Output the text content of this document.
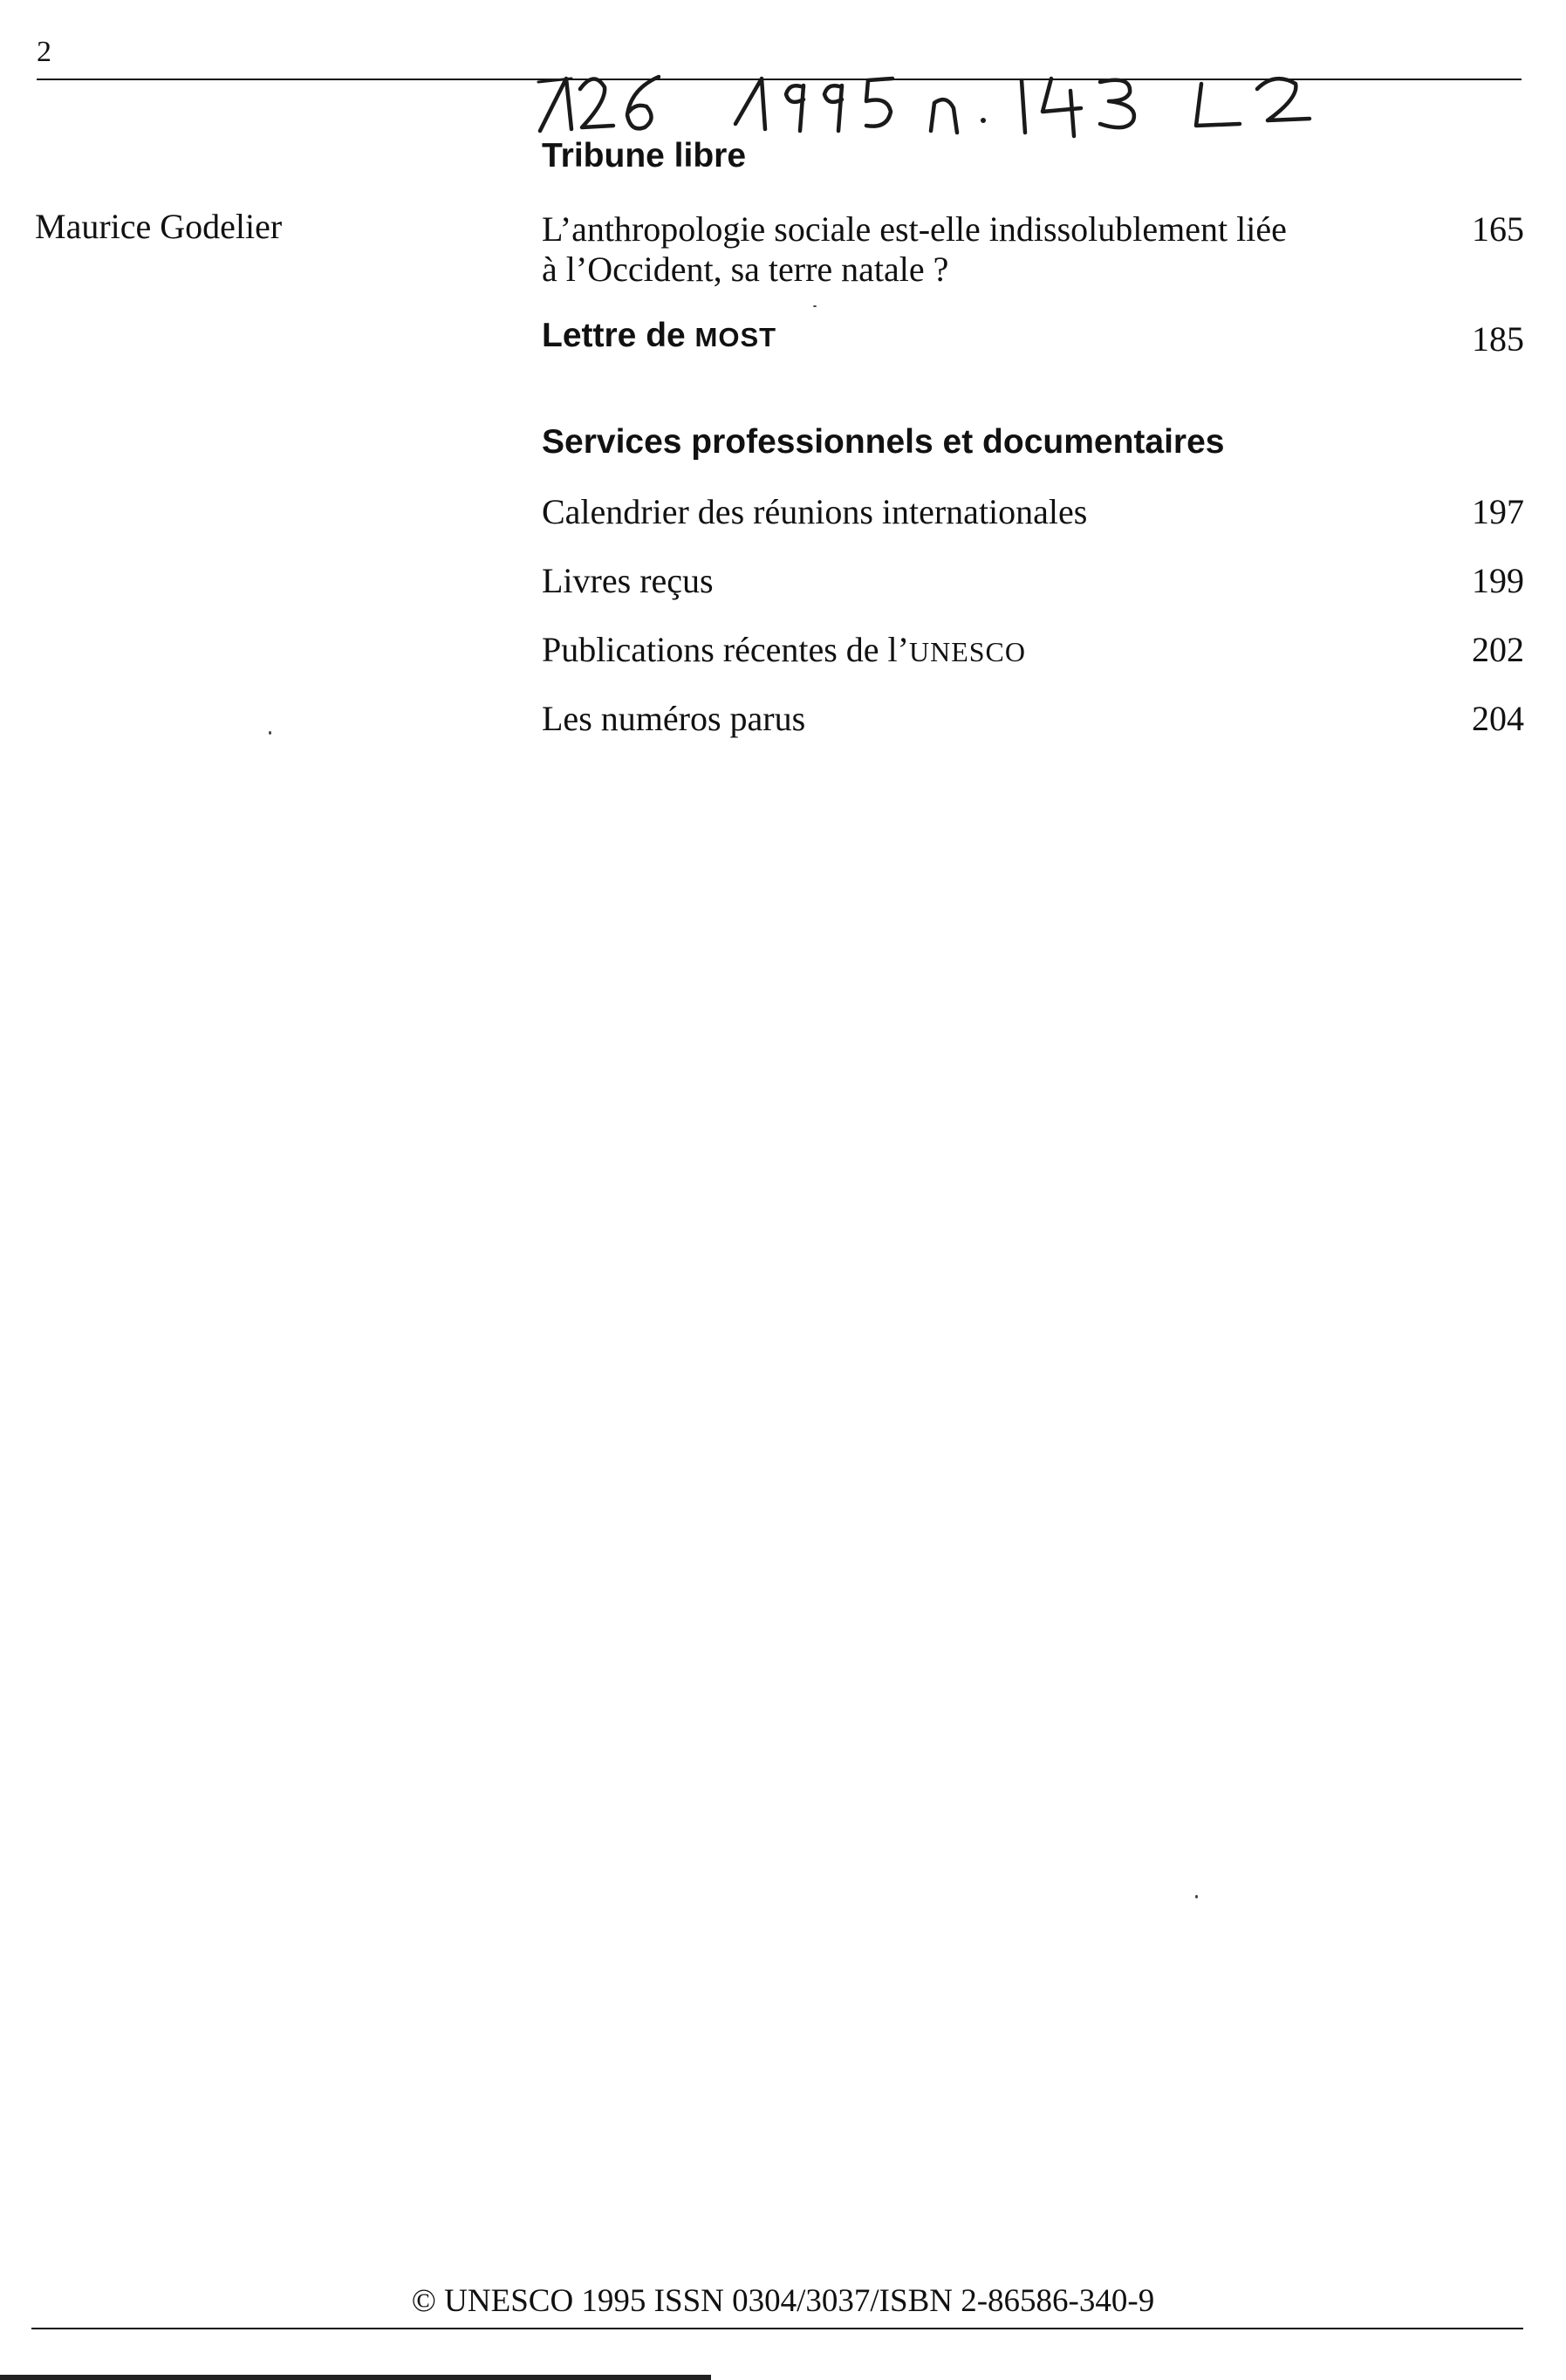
2
Tribune libre
Maurice Godelier	L’anthropologie sociale est-elle indissolublement liée
à l’Occident, sa terre natale ?
165
Lettre de MOST	185
Services professionnels et documentaires
Calendrier des réunions internationales	197
Livres reçus	199
Publications récentes de l’UNESCO	202
Les numéros parus	204
© UNESCO 1995 ISSN 0304/3037/ISBN 2-86586-340-9
